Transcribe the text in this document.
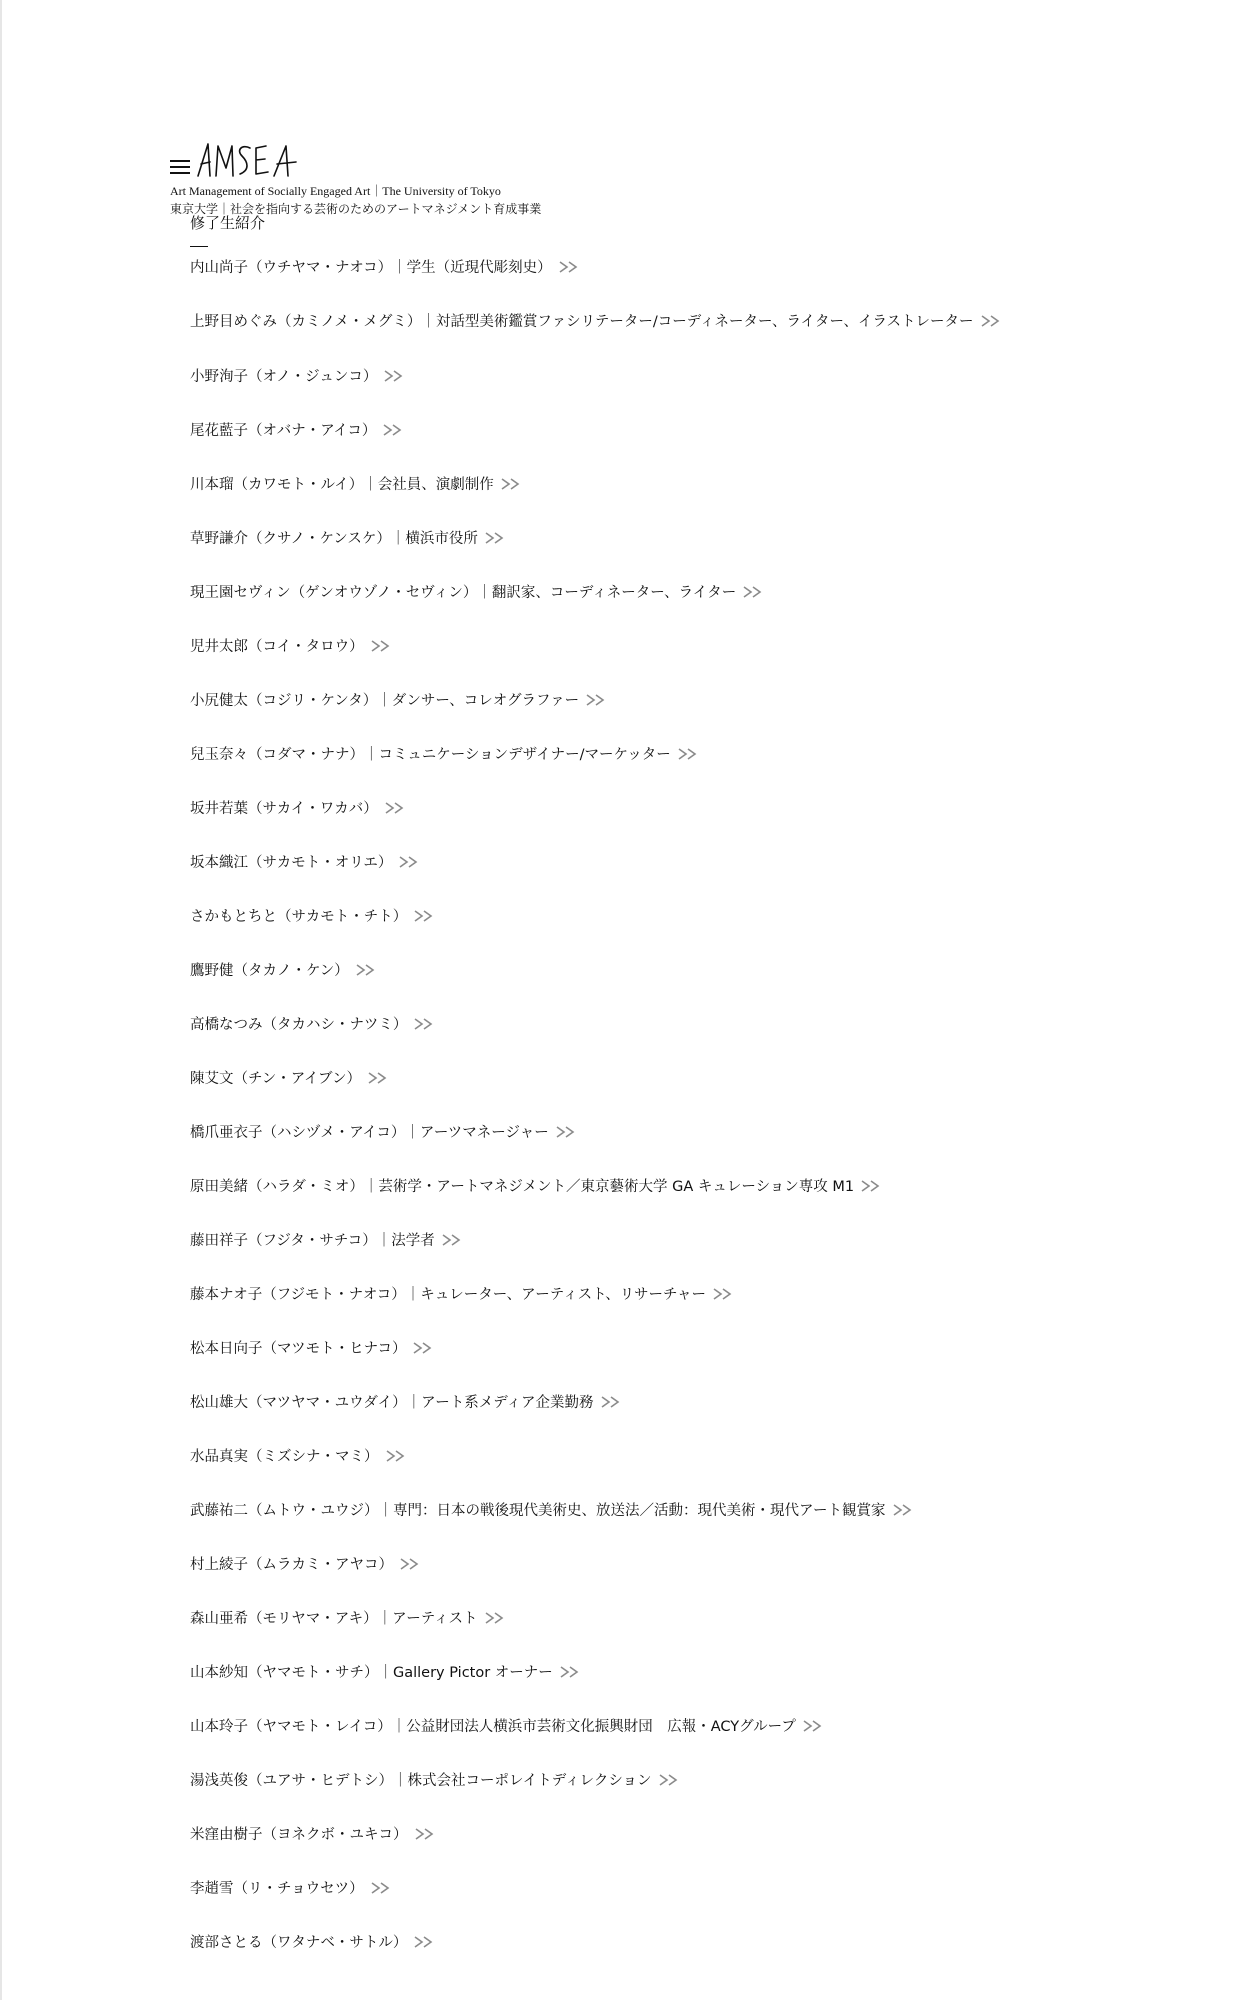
Art Management of Socially Engaged Art｜The University of Tokyo
東京大学｜社会を指向する芸術のためのアートマネジメント育成事業
修了生紹介
内山尚子（ウチヤマ・ナオコ）｜学生（近現代彫刻史）
上野目めぐみ（カミノメ・メグミ）｜対話型美術鑑賞ファシリテーター/コーディネーター、ライター、イラストレーター
小野洵子（オノ・ジュンコ）
尾花藍子（オバナ・アイコ）
川本瑠（カワモト・ルイ）｜会社員、演劇制作
草野謙介（クサノ・ケンスケ）｜横浜市役所
現王園セヴィン（ゲンオウゾノ・セヴィン）｜翻訳家、コーディネーター、ライター
児井太郎（コイ・タロウ）
小尻健太（コジリ・ケンタ）｜ダンサー、コレオグラファー
兒玉奈々（コダマ・ナナ）｜コミュニケーションデザイナー/マーケッター
坂井若葉（サカイ・ワカバ）
坂本織江（サカモト・オリエ）
さかもとちと（サカモト・チト）
鷹野健（タカノ・ケン）
高橋なつみ（タカハシ・ナツミ）
陳艾文（チン・アイブン）
橋爪亜衣子（ハシヅメ・アイコ）｜アーツマネージャー
原田美緒（ハラダ・ミオ）｜芸術学・アートマネジメント／東京藝術大学 GA キュレーション専攻 M1
藤田祥子（フジタ・サチコ）｜法学者
藤本ナオ子（フジモト・ナオコ）｜キュレーター、アーティスト、リサーチャー
松本日向子（マツモト・ヒナコ）
松山雄大（マツヤマ・ユウダイ）｜アート系メディア企業勤務
水品真実（ミズシナ・マミ）
武藤祐二（ムトウ・ユウジ）｜専門：日本の戦後現代美術史、放送法／活動：現代美術・現代アート観賞家
村上綾子（ムラカミ・アヤコ）
森山亜希（モリヤマ・アキ）｜アーティスト
山本紗知（ヤマモト・サチ）｜Gallery Pictor オーナー
山本玲子（ヤマモト・レイコ）｜公益財団法人横浜市芸術文化振興財団　広報・ACYグループ
湯浅英俊（ユアサ・ヒデトシ）｜株式会社コーポレイトディレクション
米窪由樹子（ヨネクボ・ユキコ）
李趙雪（リ・チョウセツ）
渡部さとる（ワタナベ・サトル）
